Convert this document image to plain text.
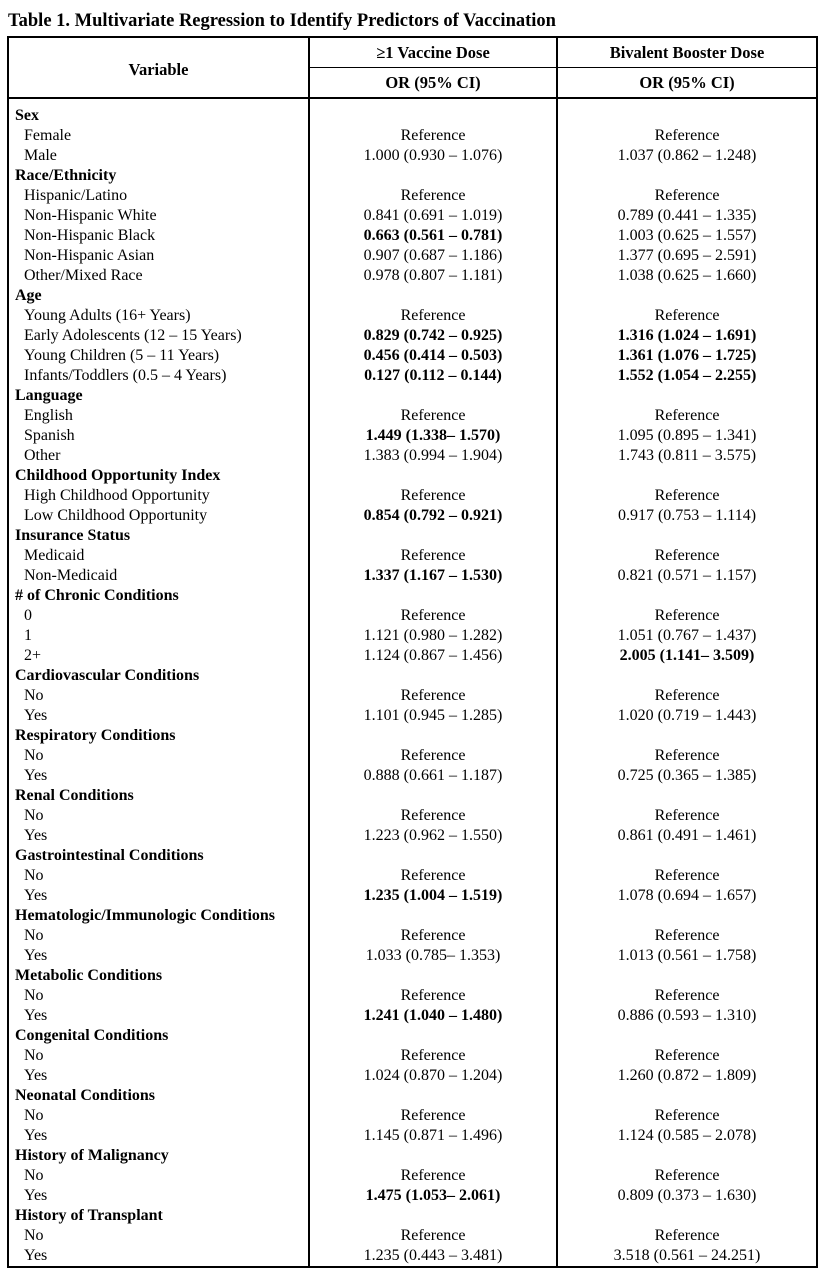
Table 1. Multivariate Regression to Identify Predictors of Vaccination
Variable	≥1 Vaccine Dose	Bivalent Booster Dose
	OR (95% CI)	OR (95% CI)
Sex		
Female	Reference	Reference
Male	1.000 (0.930 – 1.076)	1.037 (0.862 – 1.248)
Race/Ethnicity		
Hispanic/Latino	Reference	Reference
Non-Hispanic White	0.841 (0.691 – 1.019)	0.789 (0.441 – 1.335)
Non-Hispanic Black	0.663 (0.561 – 0.781)	1.003 (0.625 – 1.557)
Non-Hispanic Asian	0.907 (0.687 – 1.186)	1.377 (0.695 – 2.591)
Other/Mixed Race	0.978 (0.807 – 1.181)	1.038 (0.625 – 1.660)
Age		
Young Adults (16+ Years)	Reference	Reference
Early Adolescents (12 – 15 Years)	0.829 (0.742 – 0.925)	1.316 (1.024 – 1.691)
Young Children (5 – 11 Years)	0.456 (0.414 – 0.503)	1.361 (1.076 – 1.725)
Infants/Toddlers (0.5 – 4 Years)	0.127 (0.112 – 0.144)	1.552 (1.054 – 2.255)
Language		
English	Reference	Reference
Spanish	1.449 (1.338– 1.570)	1.095 (0.895 – 1.341)
Other	1.383 (0.994 – 1.904)	1.743 (0.811 – 3.575)
Childhood Opportunity Index		
High Childhood Opportunity	Reference	Reference
Low Childhood Opportunity	0.854 (0.792 – 0.921)	0.917 (0.753 – 1.114)
Insurance Status		
Medicaid	Reference	Reference
Non-Medicaid	1.337 (1.167 – 1.530)	0.821 (0.571 – 1.157)
# of Chronic Conditions		
0	Reference	Reference
1	1.121 (0.980 – 1.282)	1.051 (0.767 – 1.437)
2+	1.124 (0.867 – 1.456)	2.005 (1.141– 3.509)
Cardiovascular Conditions		
No	Reference	Reference
Yes	1.101 (0.945 – 1.285)	1.020 (0.719 – 1.443)
Respiratory Conditions		
No	Reference	Reference
Yes	0.888 (0.661 – 1.187)	0.725 (0.365 – 1.385)
Renal Conditions		
No	Reference	Reference
Yes	1.223 (0.962 – 1.550)	0.861 (0.491 – 1.461)
Gastrointestinal Conditions		
No	Reference	Reference
Yes	1.235 (1.004 – 1.519)	1.078 (0.694 – 1.657)
Hematologic/Immunologic Conditions		
No	Reference	Reference
Yes	1.033 (0.785– 1.353)	1.013 (0.561 – 1.758)
Metabolic Conditions		
No	Reference	Reference
Yes	1.241 (1.040 – 1.480)	0.886 (0.593 – 1.310)
Congenital Conditions		
No	Reference	Reference
Yes	1.024 (0.870 – 1.204)	1.260 (0.872 – 1.809)
Neonatal Conditions		
No	Reference	Reference
Yes	1.145 (0.871 – 1.496)	1.124 (0.585 – 2.078)
History of Malignancy		
No	Reference	Reference
Yes	1.475 (1.053– 2.061)	0.809 (0.373 – 1.630)
History of Transplant		
No	Reference	Reference
Yes	1.235 (0.443 – 3.481)	3.518 (0.561 – 24.251)
